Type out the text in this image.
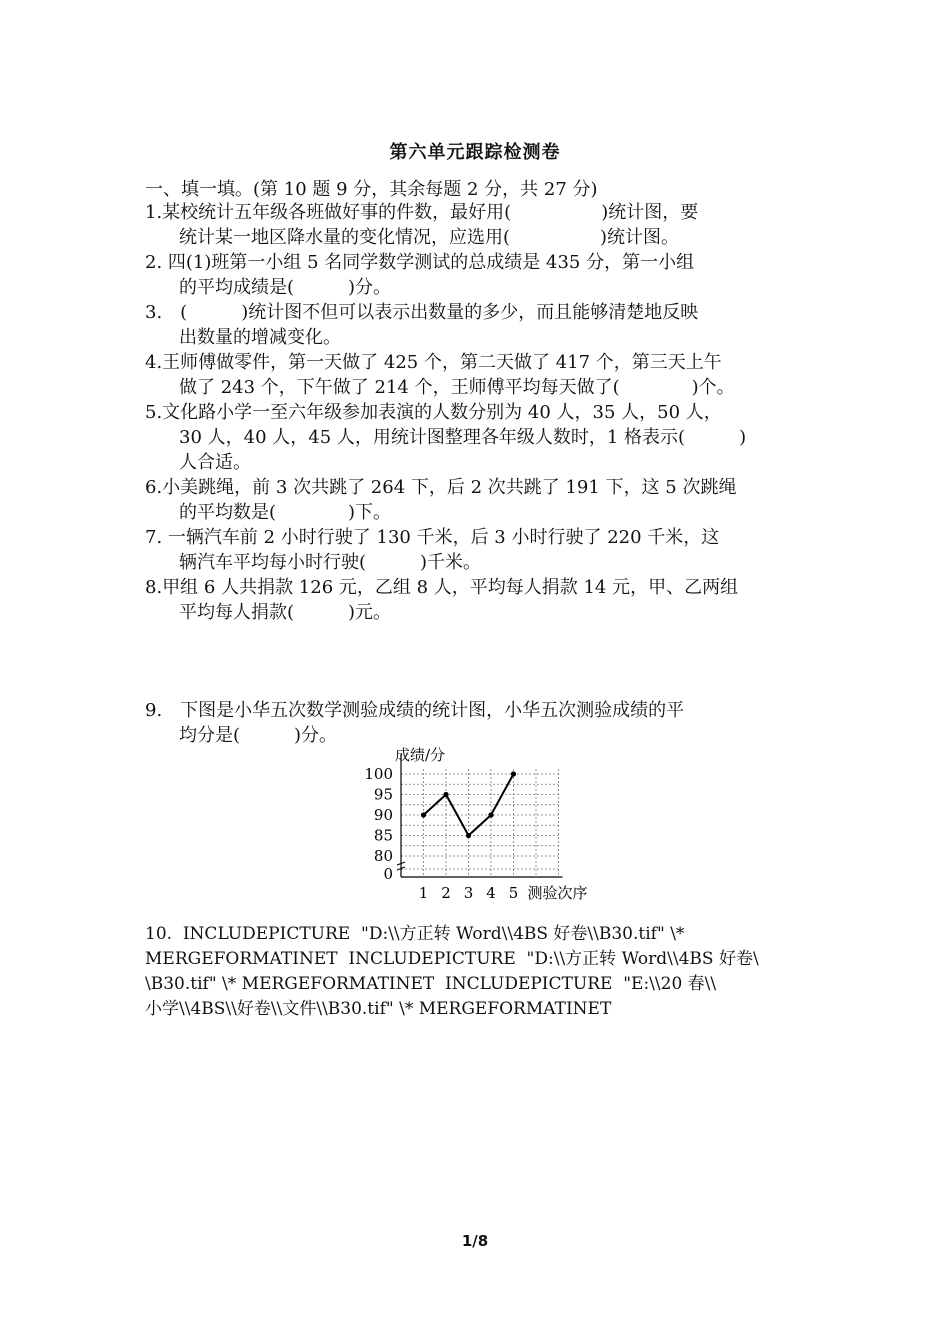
第六单元跟踪检测卷
一、填一填。(第 10 题 9 分，其余每题 2 分，共 27 分)
1.某校统计五年级各班做好事的件数，最好用(　　　　　)统计图，要
统计某一地区降水量的变化情况，应选用(　　　　　)统计图。
2. 四(1)班第一小组 5 名同学数学测试的总成绩是 435 分，第一小组
的平均成绩是(　　　)分。
3.　(　　　)统计图不但可以表示出数量的多少，而且能够清楚地反映
出数量的增减变化。
4.王师傅做零件，第一天做了 425 个，第二天做了 417 个，第三天上午
做了 243 个，下午做了 214 个，王师傅平均每天做了(　　　　)个。
5.文化路小学一至六年级参加表演的人数分别为 40 人，35 人，50 人，
30 人，40 人，45 人，用统计图整理各年级人数时，1 格表示(　　　)
人合适。
6.小美跳绳，前 3 次共跳了 264 下，后 2 次共跳了 191 下，这 5 次跳绳
的平均数是(　　　　)下。
7. 一辆汽车前 2 小时行驶了 130 千米，后 3 小时行驶了 220 千米，这
辆汽车平均每小时行驶(　　　)千米。
8.甲组 6 人共捐款 126 元，乙组 8 人，平均每人捐款 14 元，甲、乙两组
平均每人捐款(　　　)元。
9.　下图是小华五次数学测验成绩的统计图，小华五次测验成绩的平
均分是(　　　)分。
80
85
90
95
100
0
成绩/分
1 2 3 4 5 测验次序
10.  INCLUDEPICTURE  "D:\\方正转 Word\\4BS 好卷\\B30.tif" \*
MERGEFORMATINET  INCLUDEPICTURE  "D:\\方正转 Word\\4BS 好卷\
\B30.tif" \* MERGEFORMATINET  INCLUDEPICTURE  "E:\\20 春\\
小学\\4BS\\好卷\\文件\\B30.tif" \* MERGEFORMATINET
1/8
